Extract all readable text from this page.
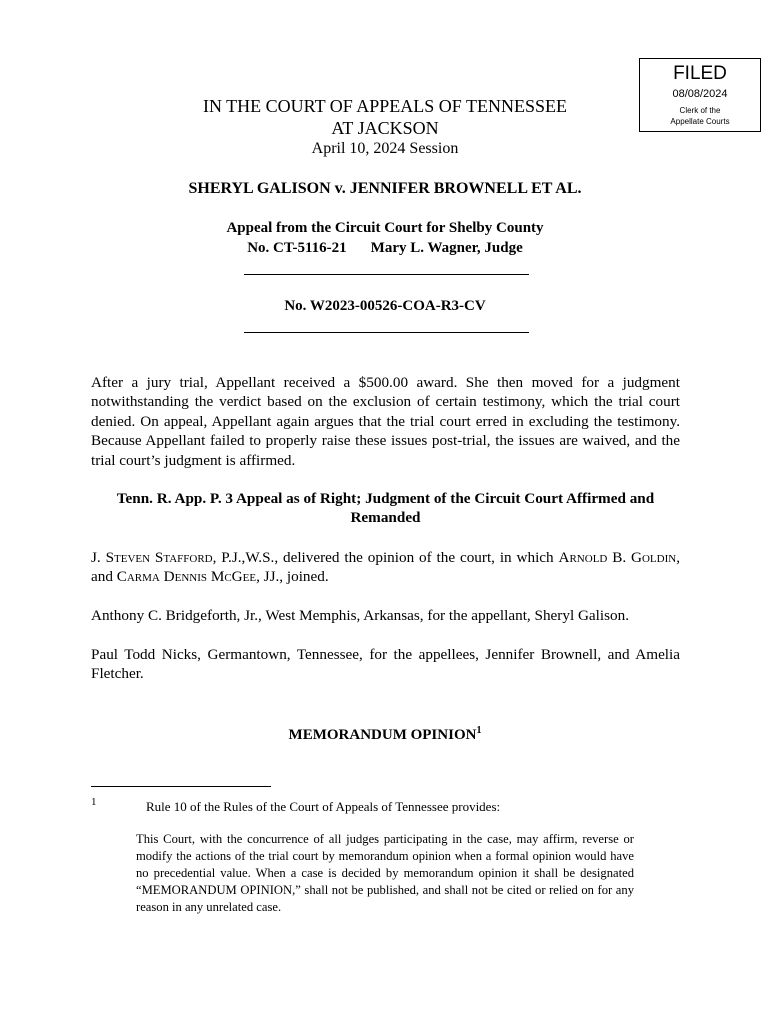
FILED
08/08/2024
Clerk of the
Appellate Courts
IN THE COURT OF APPEALS OF TENNESSEE
AT JACKSON
April 10, 2024 Session
SHERYL GALISON v. JENNIFER BROWNELL ET AL.
Appeal from the Circuit Court for Shelby County
No. CT-5116-21 Mary L. Wagner, Judge
No. W2023-00526-COA-R3-CV

After a jury trial, Appellant received a $500.00 award. She then moved for a judgment notwithstanding the verdict based on the exclusion of certain testimony, which the trial court denied. On appeal, Appellant again argues that the trial court erred in excluding the testimony. Because Appellant failed to properly raise these issues post-trial, the issues are waived, and the trial court’s judgment is affirmed.

Tenn. R. App. P. 3 Appeal as of Right; Judgment of the Circuit Court Affirmed and Remanded

J. Steven Stafford, P.J.,W.S., delivered the opinion of the court, in which Arnold B. Goldin, and Carma Dennis McGee, JJ., joined.

Anthony C. Bridgeforth, Jr., West Memphis, Arkansas, for the appellant, Sheryl Galison.

Paul Todd Nicks, Germantown, Tennessee, for the appellees, Jennifer Brownell, and Amelia Fletcher.

MEMORANDUM OPINION$^1$
1	Rule 10 of the Rules of the Court of Appeals of Tennessee provides:

This Court, with the concurrence of all judges participating in the case, may affirm, reverse or modify the actions of the trial court by memorandum opinion when a formal opinion would have no precedential value. When a case is decided by memorandum opinion it shall be designated “MEMORANDUM OPINION,” shall not be published, and shall not be cited or relied on for any reason in any unrelated case.
